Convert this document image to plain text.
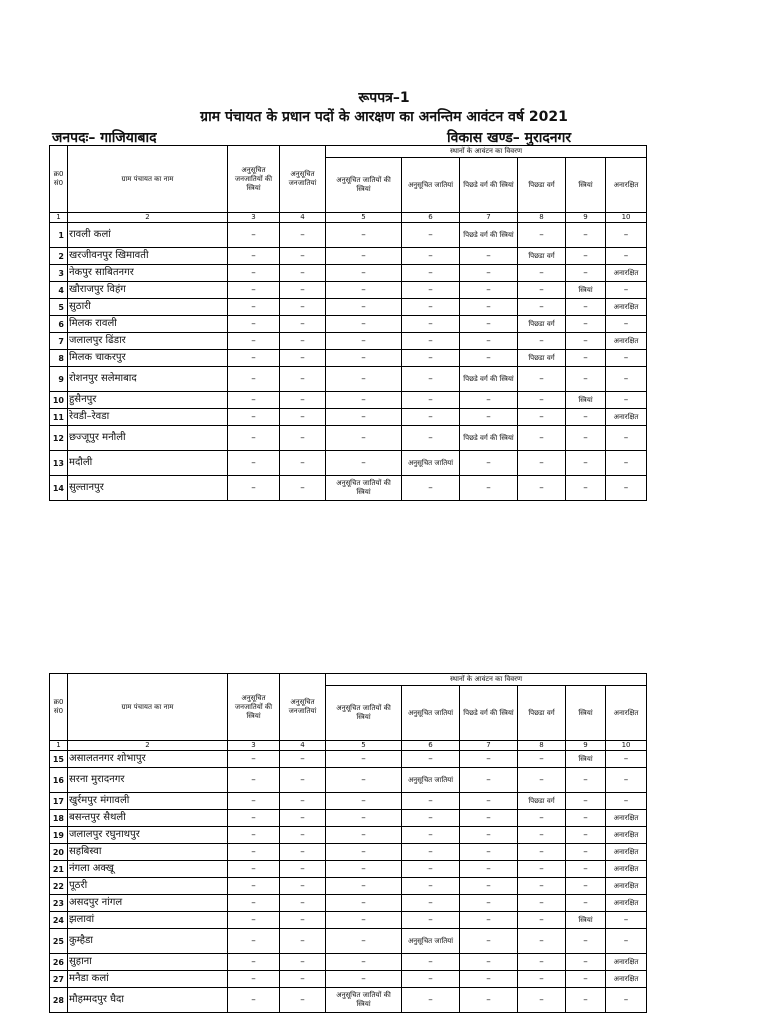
रूपपत्र–1
ग्राम पंचायत के प्रधान पदों के आरक्षण का अनन्तिम आवंटन वर्ष 2021
जनपदः– गाजियाबाद	विकास खण्ड– मुरादनगर
क्र0 सं0	ग्राम पंचायत का नाम	अनुसूचित जनजातियों की स्त्रियां	अनुसूचित जनजातियां	स्थानों के आवंटन का विवरण					
				अनुसूचित जातियों की स्त्रियां	अनुसूचित जातियां	पिछडे वर्ग की स्त्रियां	पिछडा वर्ग	स्त्रियां	अनारक्षित
1	2	3	4	5	6	7	8	9	10
1	रावली कलां	–	–	–	–	पिछडे वर्ग की स्त्रियां	–	–	–
2	खरजीवनपुर खिमावती	–	–	–	–	–	पिछडा वर्ग	–	–
3	नेकपुर साबितनगर	–	–	–	–	–	–	–	अनारक्षित
4	खौराजपुर विहंग	–	–	–	–	–	–	स्त्रियां	–
5	सुठारी	–	–	–	–	–	–	–	अनारक्षित
6	मिलक रावली	–	–	–	–	–	पिछडा वर्ग	–	–
7	जलालपुर ढिंडार	–	–	–	–	–	–	–	अनारक्षित
8	मिलक चाकरपुर	–	–	–	–	–	पिछडा वर्ग	–	–
9	रोशनपुर सलेमाबाद	–	–	–	–	पिछडे वर्ग की स्त्रियां	–	–	–
10	हुसैनपुर	–	–	–	–	–	–	स्त्रियां	–
11	रेवडी–रेवडा	–	–	–	–	–	–	–	अनारक्षित
12	छज्जूपुर मनौली	–	–	–	–	पिछडे वर्ग की स्त्रियां	–	–	–
13	मदौली	–	–	–	अनुसूचित जातियां	–	–	–	–
14	सुल्तानपुर	–	–	अनुसूचित जातियों की स्त्रियां	–	–	–	–	–
क्र0 सं0	ग्राम पंचायत का नाम	अनुसूचित जनजातियों की स्त्रियां	अनुसूचित जनजातियां	स्थानों के आवंटन का विवरण					
				अनुसूचित जातियों की स्त्रियां	अनुसूचित जातियां	पिछडे वर्ग की स्त्रियां	पिछडा वर्ग	स्त्रियां	अनारक्षित
1	2	3	4	5	6	7	8	9	10
15	असालतनगर शोभापुर	–	–	–	–	–	–	स्त्रियां	–
16	सरना मुरादनगर	–	–	–	अनुसूचित जातियां	–	–	–	–
17	खुर्रमपुर मंगावली	–	–	–	–	–	पिछडा वर्ग	–	–
18	बसन्तपुर सैथली	–	–	–	–	–	–	–	अनारक्षित
19	जलालपुर रघुनाथपुर	–	–	–	–	–	–	–	अनारक्षित
20	सहबिस्वा	–	–	–	–	–	–	–	अनारक्षित
21	नंगला अक्खू	–	–	–	–	–	–	–	अनारक्षित
22	पूठरी	–	–	–	–	–	–	–	अनारक्षित
23	असदपुर नांगल	–	–	–	–	–	–	–	अनारक्षित
24	झलावां	–	–	–	–	–	–	स्त्रियां	–
25	कुम्हैडा	–	–	–	अनुसूचित जातियां	–	–	–	–
26	सुहाना	–	–	–	–	–	–	–	अनारक्षित
27	मनैडा कलां	–	–	–	–	–	–	–	अनारक्षित
28	मौहम्मदपुर घैदा	–	–	अनुसूचित जातियों की स्त्रियां	–	–	–	–	–
